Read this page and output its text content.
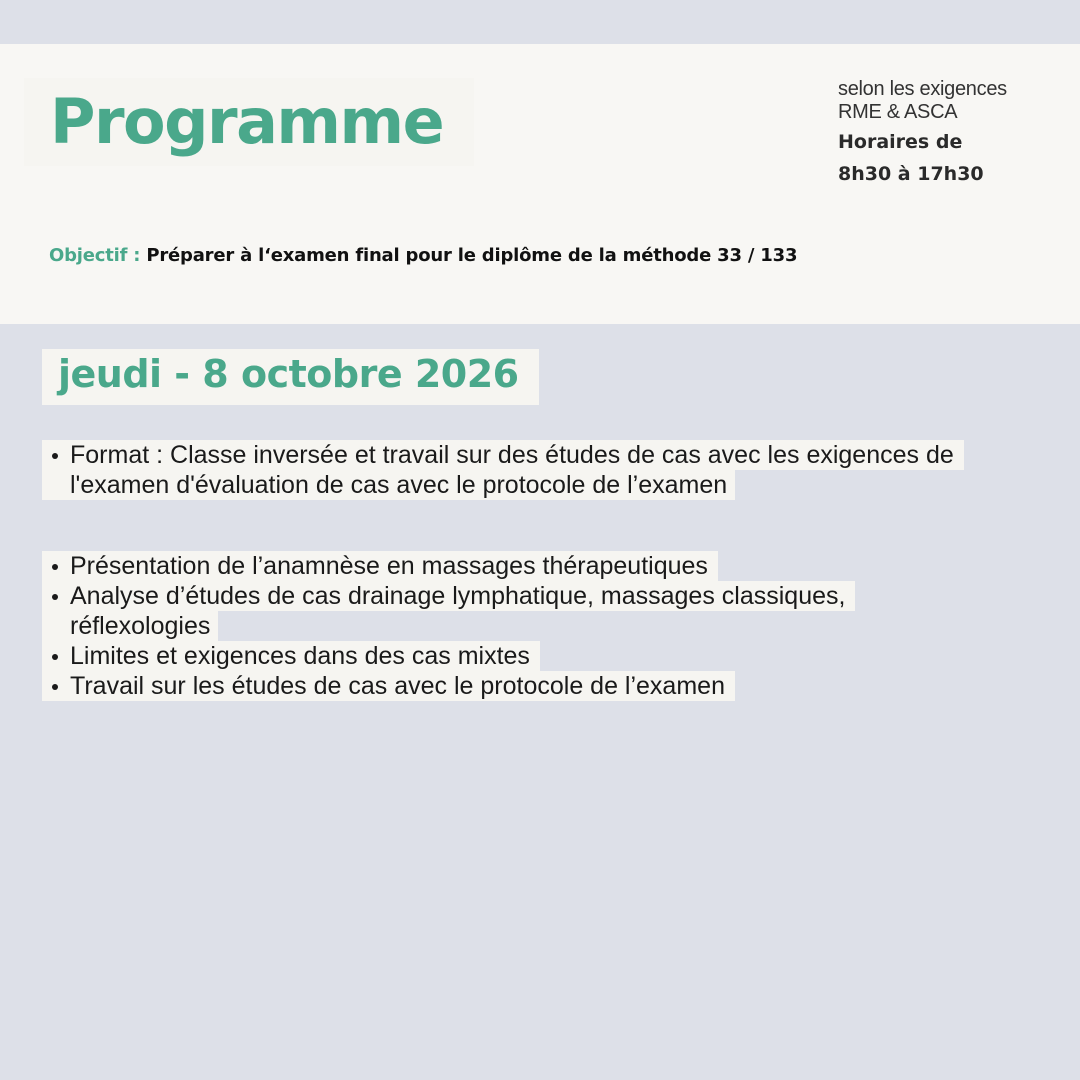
Programme	selon les exigences
RME & ASCA
Horaires de
8h30 à 17h30
Objectif : Préparer à l‘examen final pour le diplôme de la méthode 33 / 133
jeudi - 8 octobre 2026
Format : Classe inversée et travail sur des études de cas avec les exigences de
l'examen d'évaluation de cas avec le protocole de l’examen
Présentation de l’anamnèse en massages thérapeutiques
Analyse d’études de cas drainage lymphatique, massages classiques,
réflexologies
Limites et exigences dans des cas mixtes
Travail sur les études de cas avec le protocole de l’examen
